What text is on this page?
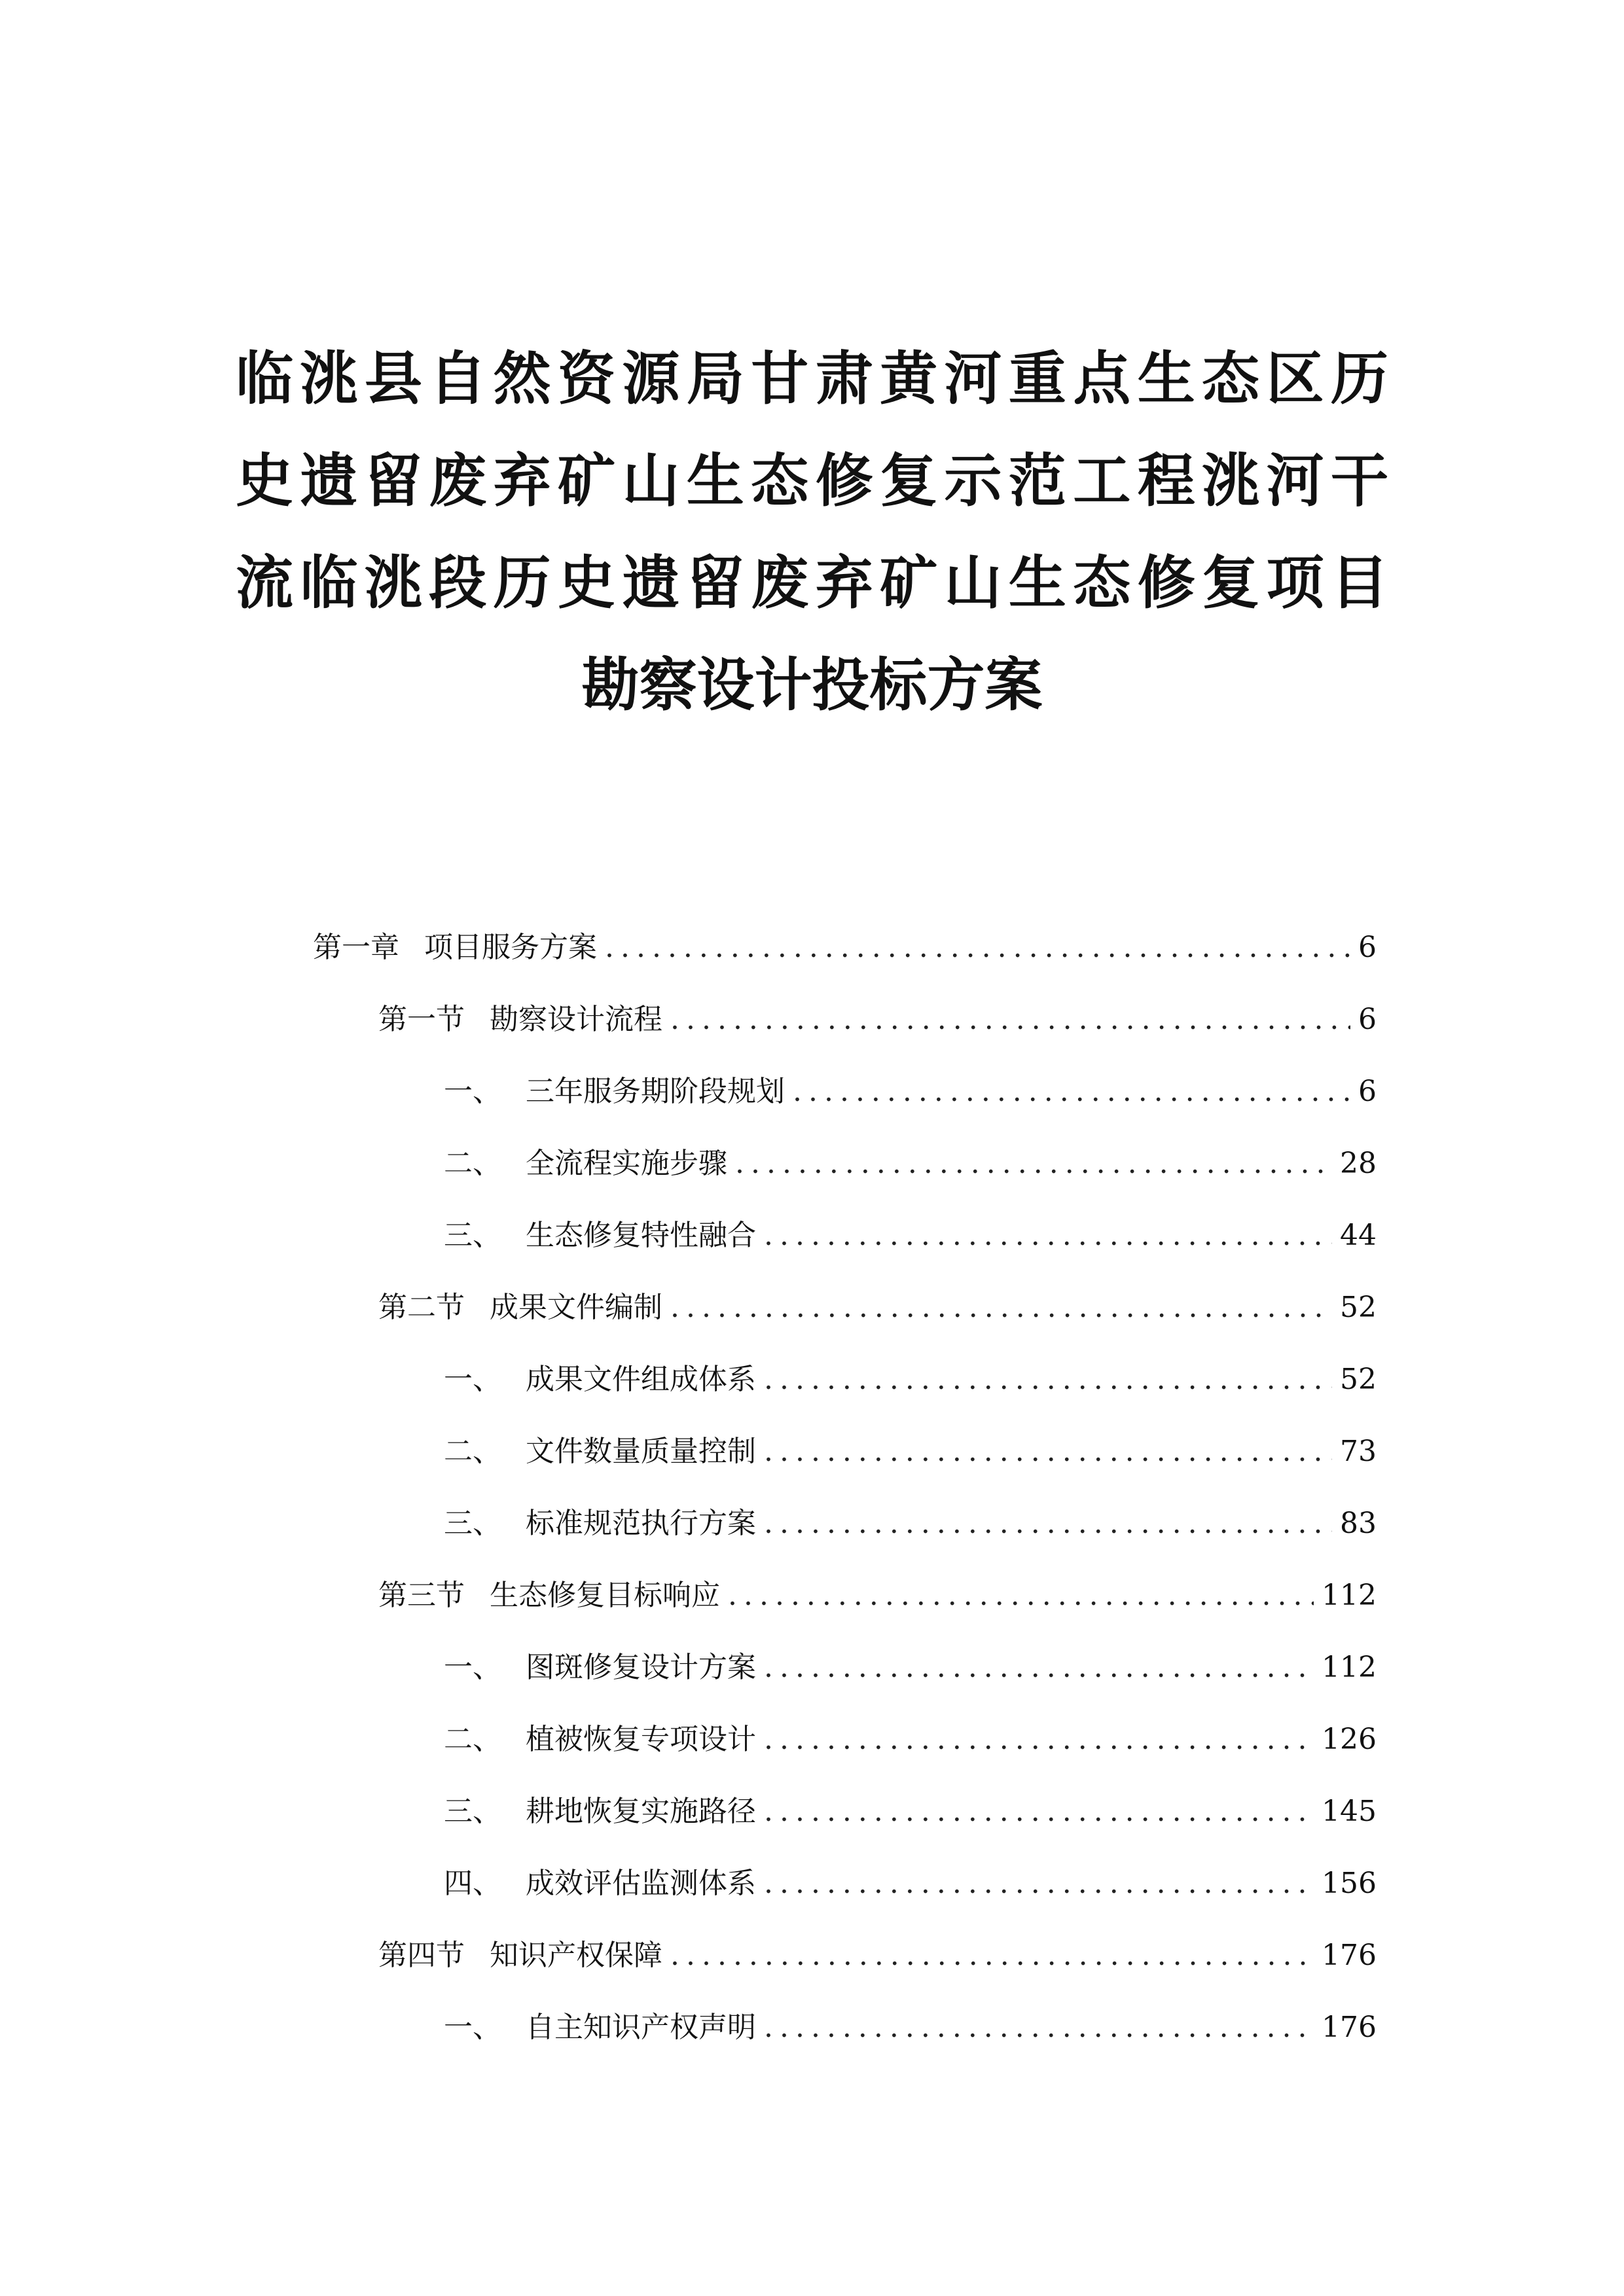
临洮县自然资源局甘肃黄河重点生态区历
史遗留废弃矿山生态修复示范工程洮河干
流临洮段历史遗留废弃矿山生态修复项目
勘察设计投标方案
第一章 项目服务方案 .....	6
第一节 勘察设计流程 .....	6
一、 三年服务期阶段规划 .....	6
二、 全流程实施步骤 .....	28
三、 生态修复特性融合 .....	44
第二节 成果文件编制 .....	52
一、 成果文件组成体系 .....	52
二、 文件数量质量控制 .....	73
三、 标准规范执行方案 .....	83
第三节 生态修复目标响应 .....	112
一、 图斑修复设计方案 .....	112
二、 植被恢复专项设计 .....	126
三、 耕地恢复实施路径 .....	145
四、 成效评估监测体系 .....	156
第四节 知识产权保障 .....	176
一、 自主知识产权声明 .....	176
